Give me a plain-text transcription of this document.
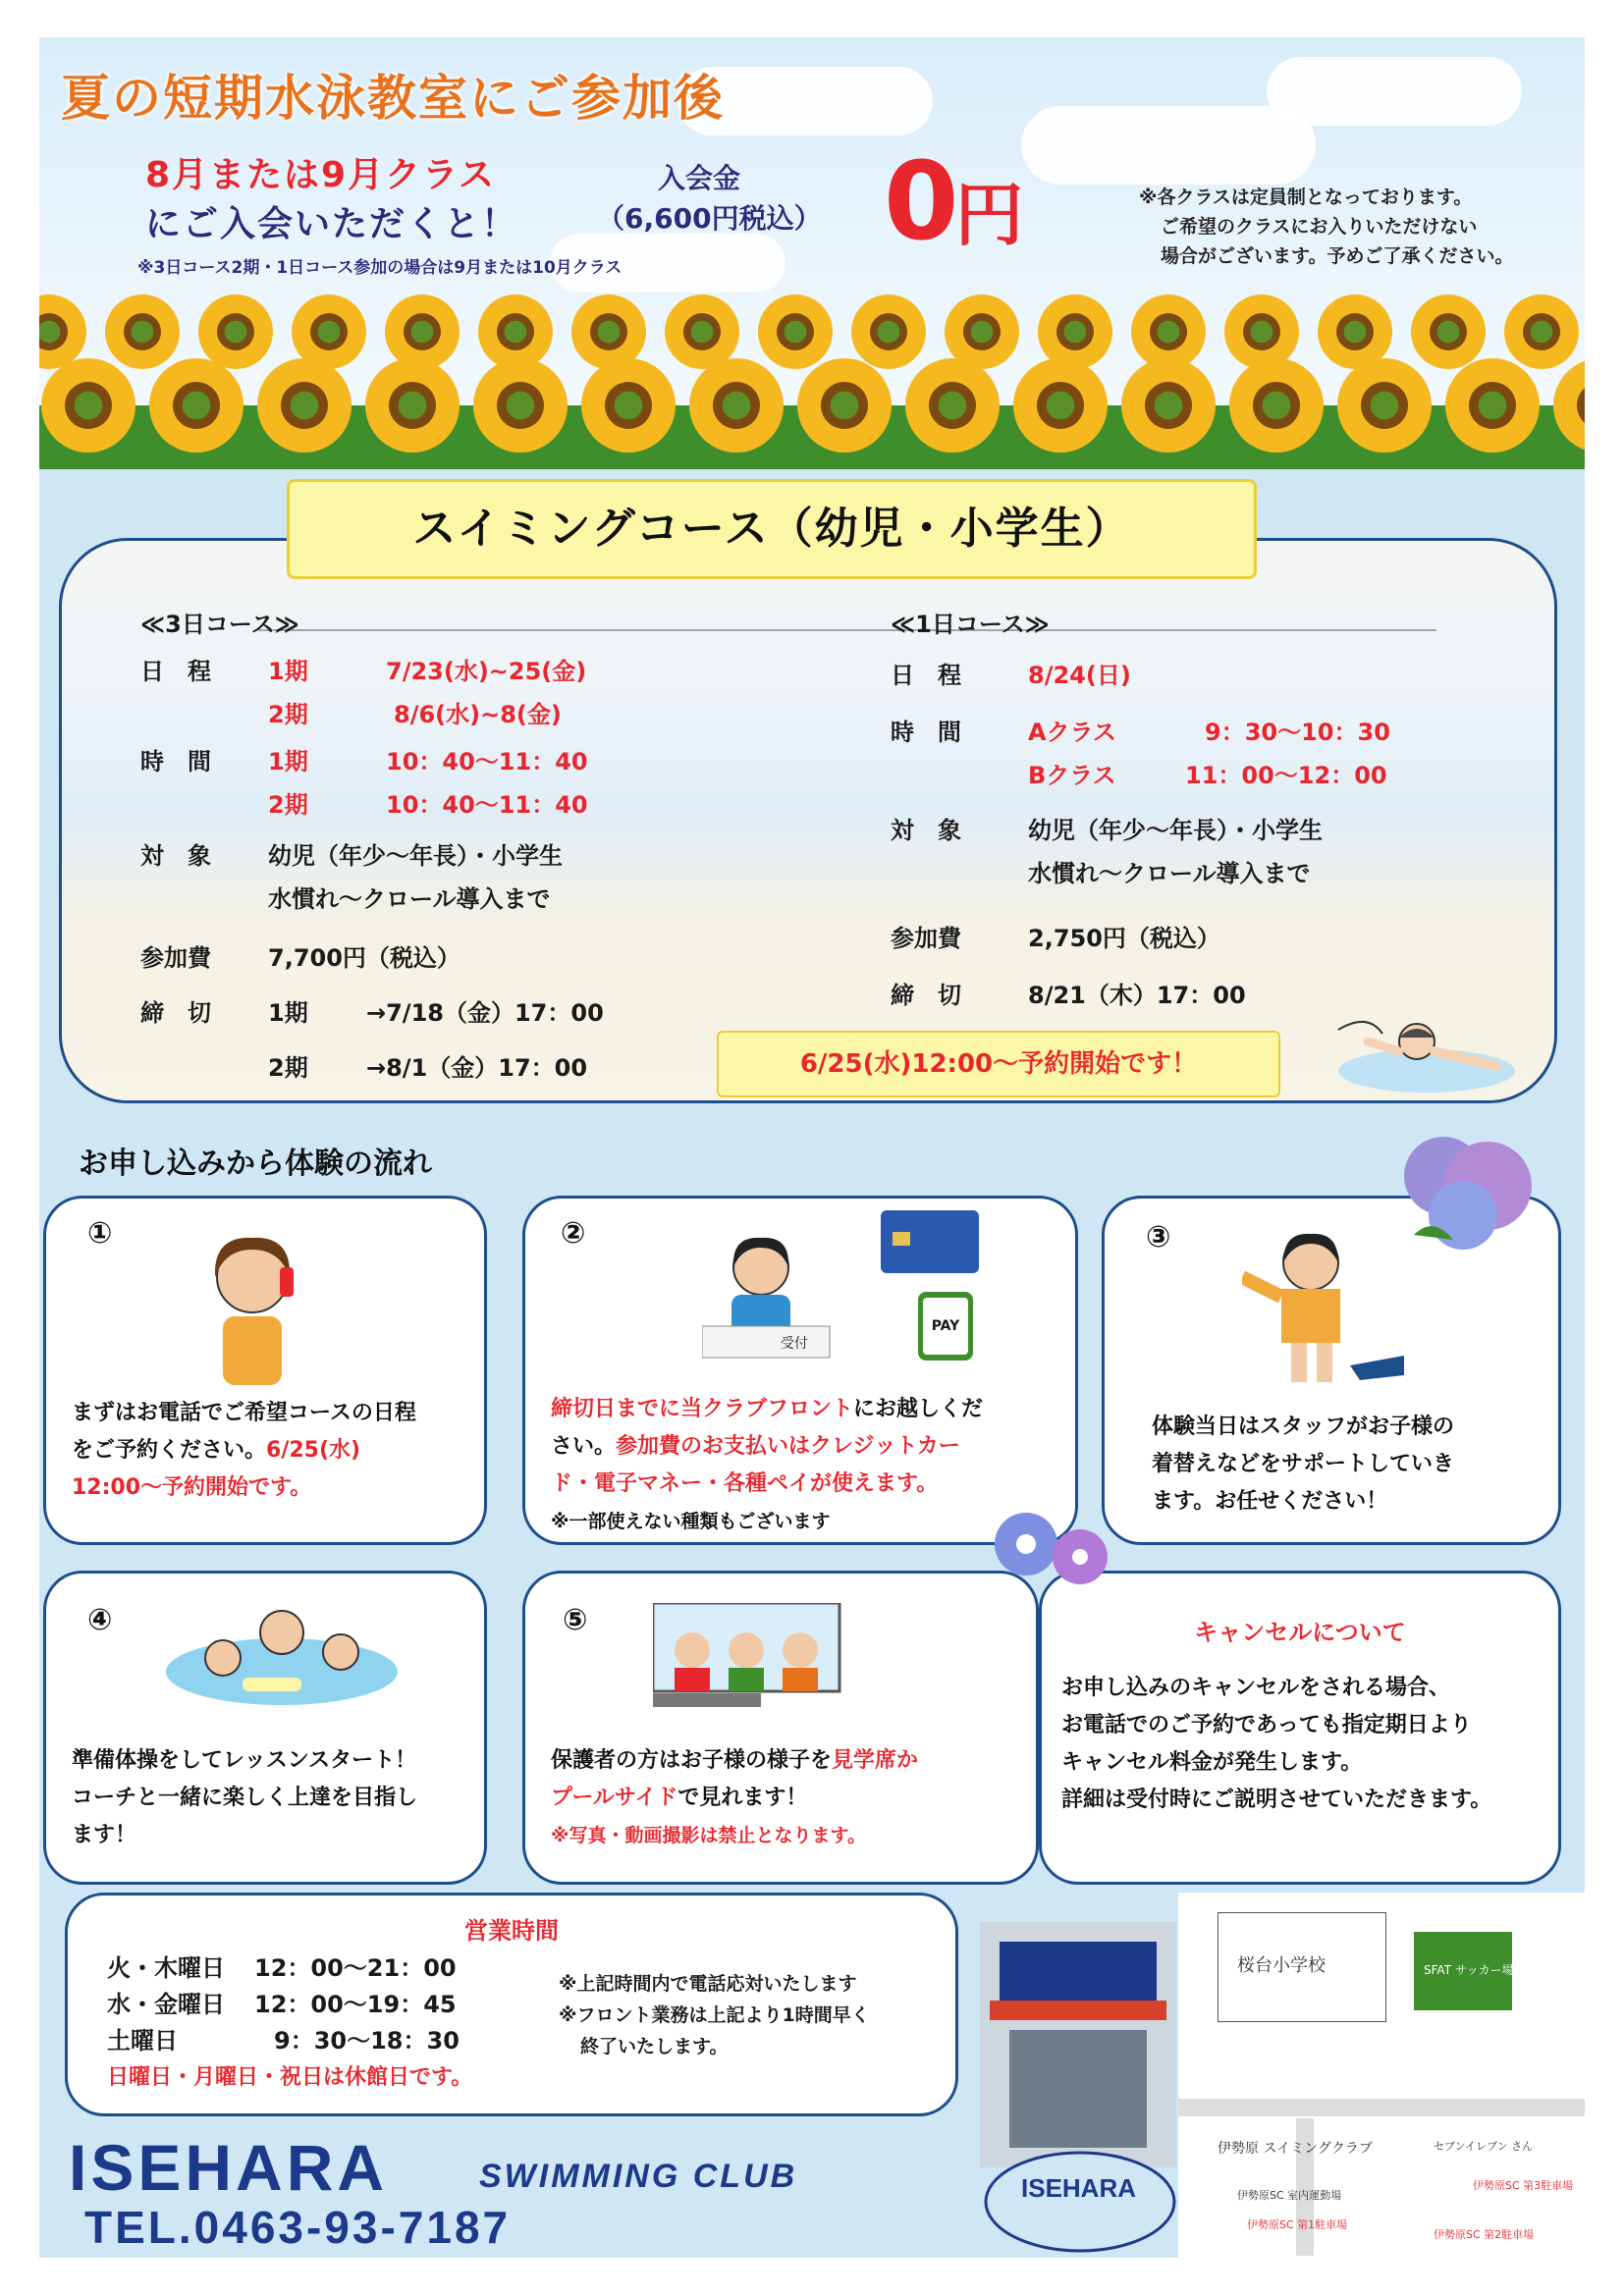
夏の短期水泳教室にご参加後
8月または9月クラス
にご入会いただくと！
※3日コース2期・1日コース参加の場合は9月または10月クラス
入会金
（6,600円税込） 0円	※各クラスは定員制となっております。
ご希望のクラスにお入りいただけない
場合がございます。予めご了承ください。
スイミングコース（幼児・小学生）
≪3日コース≫
日　程 1期	7/23(水)~25(金)
2期	8/6(水)~8(金)
時　間 1期	10：40～11：40
2期	10：40～11：40
対　象 幼児（年少～年長）・小学生
水慣れ～クロール導入まで
参加費 7,700円（税込）
締　切 1期 →7/18（金）17：00
2期 →8/1（金）17：00
≪1日コース≫
日　程	8/24(日)
時　間	Aクラス	9：30～10：30
Bクラス	11：00～12：00
対　象	幼児（年少～年長）・小学生
水慣れ～クロール導入まで
参加費	2,750円（税込）
締　切	8/21（木）17：00
6/25(水)12:00～予約開始です！
お申し込みから体験の流れ
①
まずはお電話でご希望コースの日程
をご予約ください。6/25(水)
12:00～予約開始です。
②
受付
PAY
締切日までに当クラブフロントにお越しくだ
さい。参加費のお支払いはクレジットカー
ド・電子マネー・各種ペイが使えます。
※一部使えない種類もございます
③
体験当日はスタッフがお子様の
着替えなどをサポートしていき
ます。お任せください！
④
準備体操をしてレッスンスタート！
コーチと一緒に楽しく上達を目指し
ます！
⑤
保護者の方はお子様の様子を見学席か
プールサイドで見れます！
※写真・動画撮影は禁止となります。
キャンセルについて
お申し込みのキャンセルをされる場合、
お電話でのご予約であっても指定期日より
キャンセル料金が発生します。
詳細は受付時にご説明させていただきます。
営業時間
火・木曜日 12：00～21：00
水・金曜日 12：00～19：45
土曜日	9：30～18：30
日曜日・月曜日・祝日は休館日です。
※上記時間内で電話応対いたします
※フロント業務は上記より1時間早く
終了いたします。
ISEHARA	SWIMMING CLUB
TEL.0463-93-7187
桜台小学校	SFAT サッカー場
伊勢原 スイミングクラブ
伊勢原SC 室内運動場
セブンイレブン さん
伊勢原SC 第3駐車場
伊勢原SC 第1駐車場
伊勢原SC 第2駐車場
ISEHARA
